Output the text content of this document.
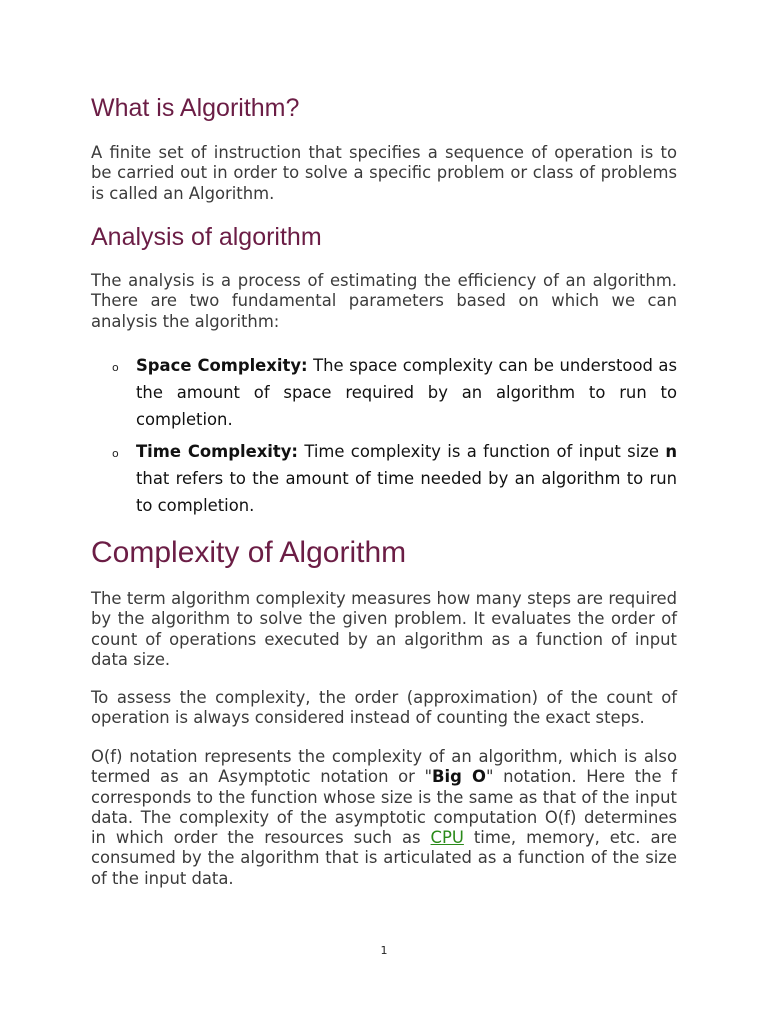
What is Algorithm?

A finite set of instruction that specifies a sequence of operation is to be carried out in order to solve a specific problem or class of problems is called an Algorithm.

Analysis of algorithm

The analysis is a process of estimating the efficiency of an algorithm. There are two fundamental parameters based on which we can analysis the algorithm:

o Space Complexity: The space complexity can be understood as the amount of space required by an algorithm to run to completion.
o Time Complexity: Time complexity is a function of input size n that refers to the amount of time needed by an algorithm to run to completion.
Complexity of Algorithm

The term algorithm complexity measures how many steps are required by the algorithm to solve the given problem. It evaluates the order of count of operations executed by an algorithm as a function of input data size.

To assess the complexity, the order (approximation) of the count of operation is always considered instead of counting the exact steps.

O(f) notation represents the complexity of an algorithm, which is also termed as an Asymptotic notation or "Big O" notation. Here the f corresponds to the function whose size is the same as that of the input data. The complexity of the asymptotic computation O(f) determines in which order the resources such as CPU time, memory, etc. are consumed by the algorithm that is articulated as a function of the size of the input data.

1
